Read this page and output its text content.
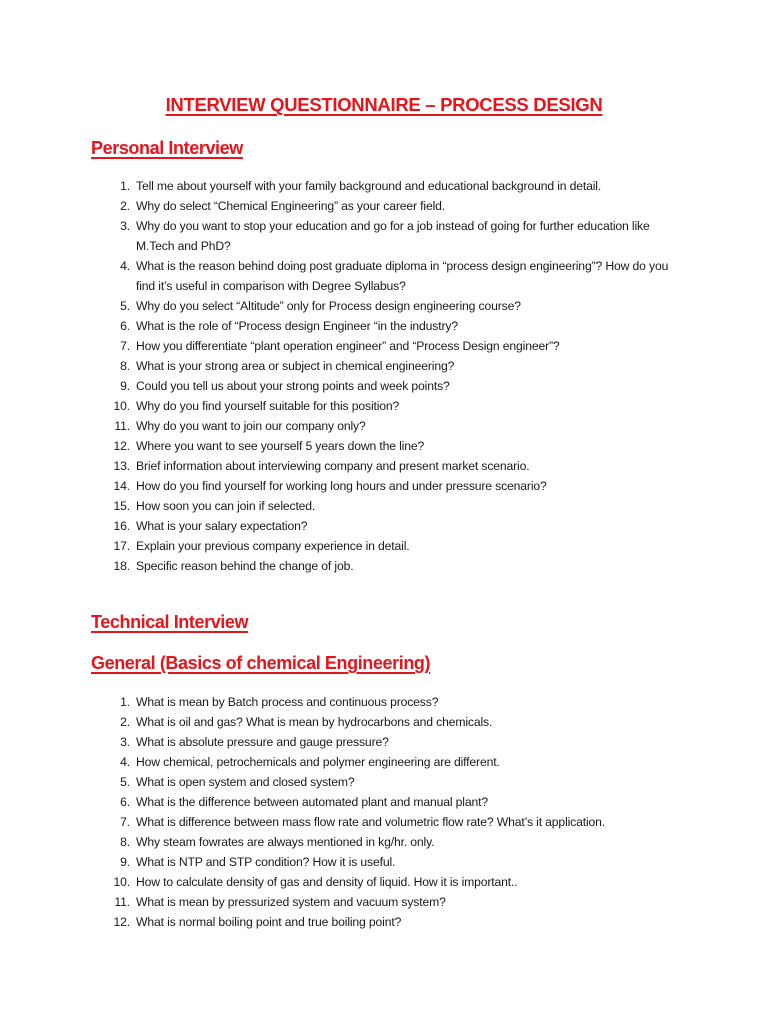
INTERVIEW QUESTIONNAIRE – PROCESS DESIGN
Personal Interview
1. Tell me about yourself with your family background and educational background in detail.
2. Why do select “Chemical Engineering” as your career field.
3. Why do you want to stop your education and go for a job instead of going for further education like M.Tech and PhD?
4. What is the reason behind doing post graduate diploma in “process design engineering”? How do you find it’s useful in comparison with Degree Syllabus?
5. Why do you select “Altitude” only for Process design engineering course?
6. What is the role of “Process design Engineer “in the industry?
7. How you differentiate “plant operation engineer” and “Process Design engineer”?
8. What is your strong area or subject in chemical engineering?
9. Could you tell us about your strong points and week points?
10. Why do you find yourself suitable for this position?
11. Why do you want to join our company only?
12. Where you want to see yourself 5 years down the line?
13. Brief information about interviewing company and present market scenario.
14. How do you find yourself for working long hours and under pressure scenario?
15. How soon you can join if selected.
16. What is your salary expectation?
17. Explain your previous company experience in detail.
18. Specific reason behind the change of job.
Technical Interview
General (Basics of chemical Engineering)
1. What is mean by Batch process and continuous process?
2. What is oil and gas? What is mean by hydrocarbons and chemicals.
3. What is absolute pressure and gauge pressure?
4. How chemical, petrochemicals and polymer engineering are different.
5. What is open system and closed system?
6. What is the difference between automated plant and manual plant?
7. What is difference between mass flow rate and volumetric flow rate? What’s it application.
8. Why steam fowrates are always mentioned in kg/hr. only.
9. What is NTP and STP condition? How it is useful.
10. How to calculate density of gas and density of liquid. How it is important..
11. What is mean by pressurized system and vacuum system?
12. What is normal boiling point and true boiling point?
